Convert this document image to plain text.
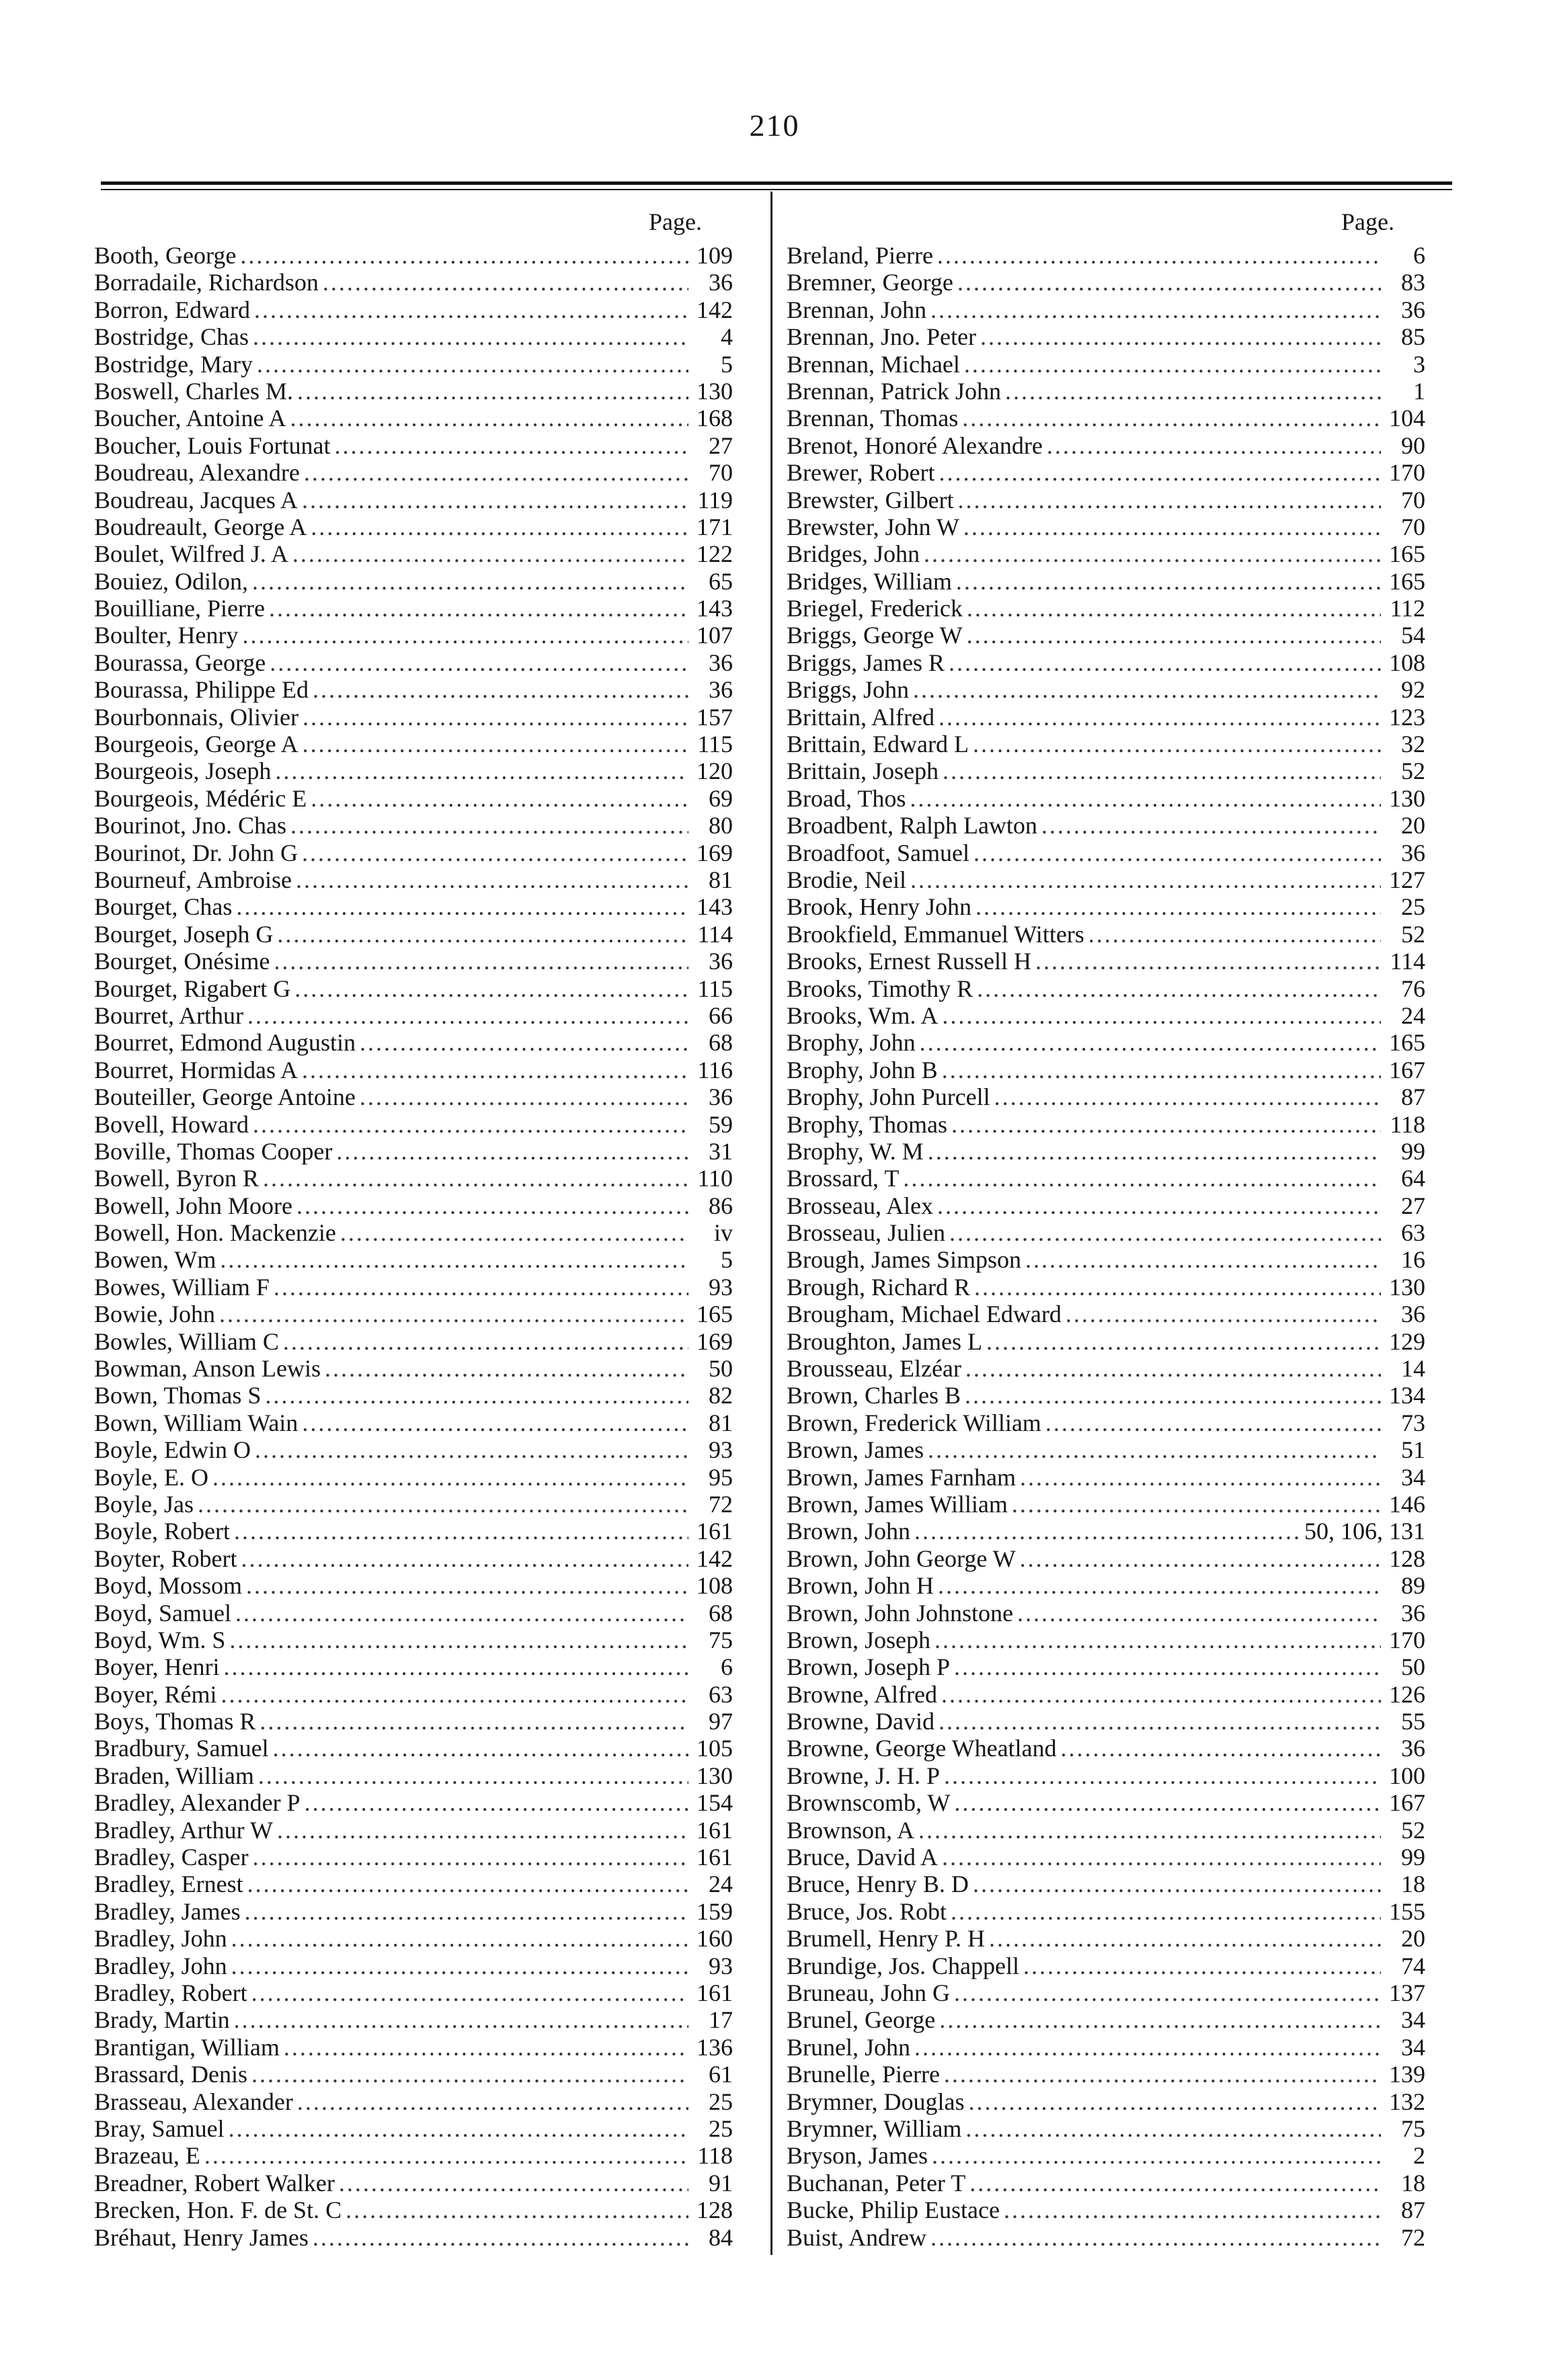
210
Page.
Booth, George .....	109
Borradaile, Richardson .....	36
Borron, Edward .....	142
Bostridge, Chas .....	4
Bostridge, Mary .....	5
Boswell, Charles M. .....	130
Boucher, Antoine A .....	168
Boucher, Louis Fortunat .....	27
Boudreau, Alexandre .....	70
Boudreau, Jacques A .....	119
Boudreault, George A .....	171
Boulet, Wilfred J. A .....	122
Bouiez, Odilon, .....	65
Bouilliane, Pierre .....	143
Boulter, Henry .....	107
Bourassa, George .....	36
Bourassa, Philippe Ed .....	36
Bourbonnais, Olivier .....	157
Bourgeois, George A .....	115
Bourgeois, Joseph .....	120
Bourgeois, Médéric E .....	69
Bourinot, Jno. Chas .....	80
Bourinot, Dr. John G .....	169
Bourneuf, Ambroise .....	81
Bourget, Chas .....	143
Bourget, Joseph G .....	114
Bourget, Onésime .....	36
Bourget, Rigabert G .....	115
Bourret, Arthur .....	66
Bourret, Edmond Augustin .....	68
Bourret, Hormidas A .....	116
Bouteiller, George Antoine .....	36
Bovell, Howard .....	59
Boville, Thomas Cooper .....	31
Bowell, Byron R .....	110
Bowell, John Moore .....	86
Bowell, Hon. Mackenzie .....	iv
Bowen, Wm .....	5
Bowes, William F .....	93
Bowie, John .....	165
Bowles, William C .....	169
Bowman, Anson Lewis .....	50
Bown, Thomas S .....	82
Bown, William Wain .....	81
Boyle, Edwin O .....	93
Boyle, E. O .....	95
Boyle, Jas .....	72
Boyle, Robert .....	161
Boyter, Robert .....	142
Boyd, Mossom .....	108
Boyd, Samuel .....	68
Boyd, Wm. S .....	75
Boyer, Henri .....	6
Boyer, Rémi .....	63
Boys, Thomas R .....	97
Bradbury, Samuel .....	105
Braden, William .....	130
Bradley, Alexander P .....	154
Bradley, Arthur W .....	161
Bradley, Casper .....	161
Bradley, Ernest .....	24
Bradley, James .....	159
Bradley, John .....	160
Bradley, John .....	93
Bradley, Robert .....	161
Brady, Martin .....	17
Brantigan, William .....	136
Brassard, Denis .....	61
Brasseau, Alexander .....	25
Bray, Samuel .....	25
Brazeau, E .....	118
Breadner, Robert Walker .....	91
Brecken, Hon. F. de St. C .....	128
Bréhaut, Henry James .....	84
Page.
Breland, Pierre .....	6
Bremner, George .....	83
Brennan, John .....	36
Brennan, Jno. Peter .....	85
Brennan, Michael .....	3
Brennan, Patrick John .....	1
Brennan, Thomas .....	104
Brenot, Honoré Alexandre .....	90
Brewer, Robert .....	170
Brewster, Gilbert .....	70
Brewster, John W .....	70
Bridges, John .....	165
Bridges, William .....	165
Briegel, Frederick .....	112
Briggs, George W .....	54
Briggs, James R .....	108
Briggs, John .....	92
Brittain, Alfred .....	123
Brittain, Edward L .....	32
Brittain, Joseph .....	52
Broad, Thos .....	130
Broadbent, Ralph Lawton .....	20
Broadfoot, Samuel .....	36
Brodie, Neil .....	127
Brook, Henry John .....	25
Brookfield, Emmanuel Witters .....	52
Brooks, Ernest Russell H .....	114
Brooks, Timothy R .....	76
Brooks, Wm. A .....	24
Brophy, John .....	165
Brophy, John B .....	167
Brophy, John Purcell .....	87
Brophy, Thomas .....	118
Brophy, W. M .....	99
Brossard, T .....	64
Brosseau, Alex .....	27
Brosseau, Julien .....	63
Brough, James Simpson .....	16
Brough, Richard R .....	130
Brougham, Michael Edward .....	36
Broughton, James L .....	129
Brousseau, Elzéar .....	14
Brown, Charles B .....	134
Brown, Frederick William .....	73
Brown, James .....	51
Brown, James Farnham .....	34
Brown, James William .....	146
Brown, John .....	50, 106, 131
Brown, John George W .....	128
Brown, John H .....	89
Brown, John Johnstone .....	36
Brown, Joseph .....	170
Brown, Joseph P .....	50
Browne, Alfred .....	126
Browne, David .....	55
Browne, George Wheatland .....	36
Browne, J. H. P .....	100
Brownscomb, W .....	167
Brownson, A .....	52
Bruce, David A .....	99
Bruce, Henry B. D .....	18
Bruce, Jos. Robt .....	155
Brumell, Henry P. H .....	20
Brundige, Jos. Chappell .....	74
Bruneau, John G .....	137
Brunel, George .....	34
Brunel, John .....	34
Brunelle, Pierre .....	139
Brymner, Douglas .....	132
Brymner, William .....	75
Bryson, James .....	2
Buchanan, Peter T .....	18
Bucke, Philip Eustace .....	87
Buist, Andrew .....	72
